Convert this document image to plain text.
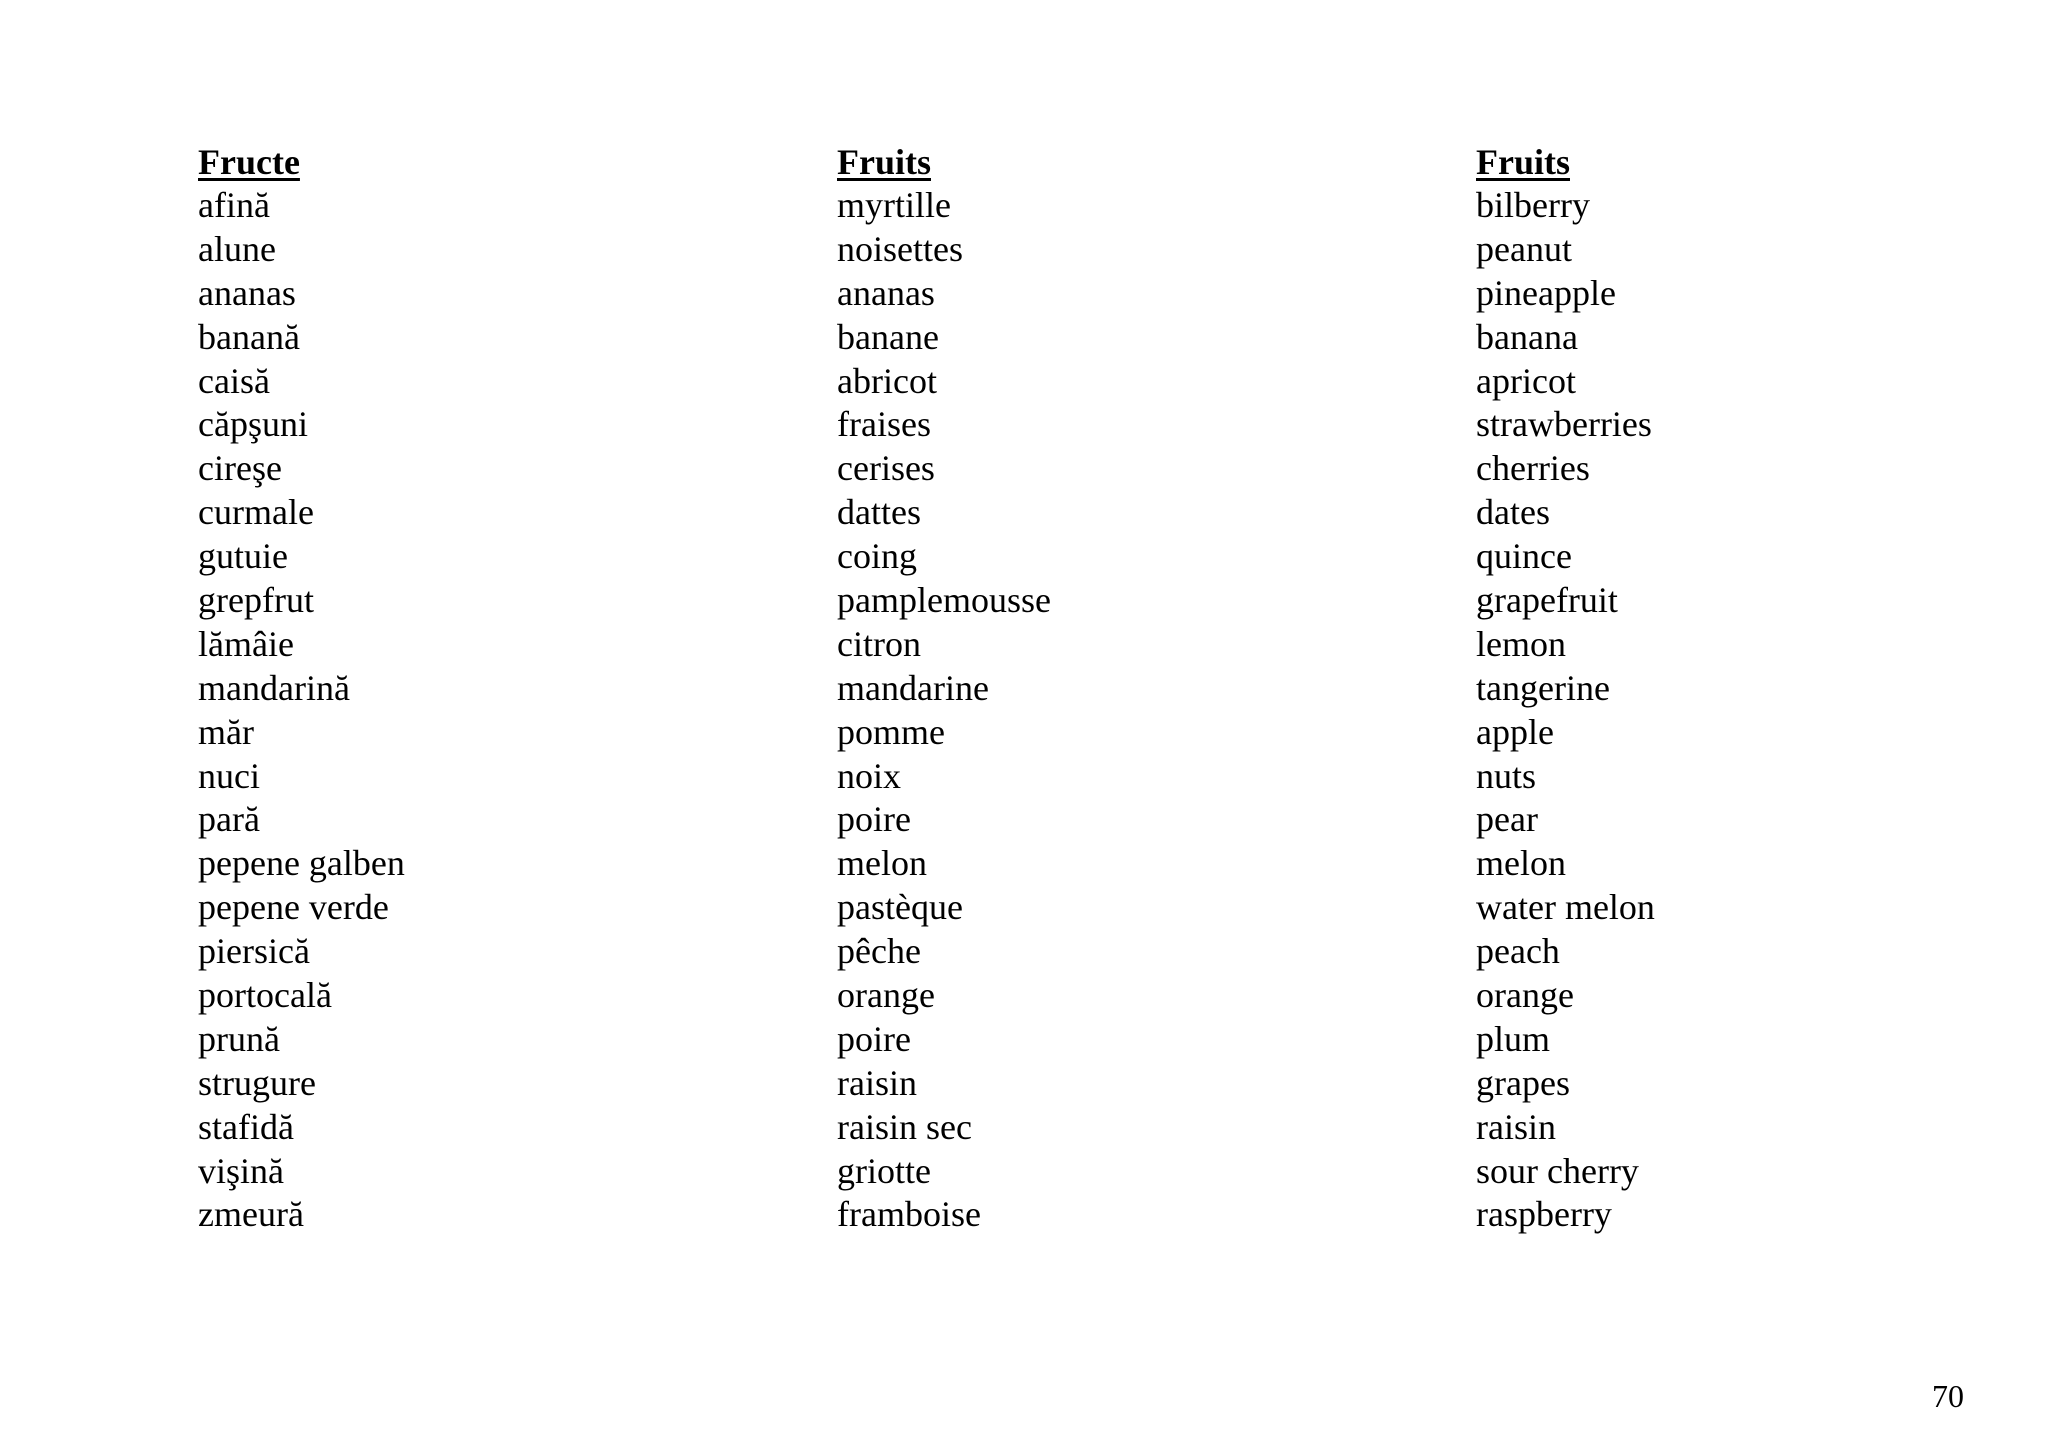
Fructe
afină
alune
ananas
banană
caisă
căpşuni
cireşe
curmale
gutuie
grepfrut
lămâie
mandarină
măr
nuci
pară
pepene galben
pepene verde
piersică
portocală
prună
strugure
stafidă
vişină
zmeură
Fruits
myrtille
noisettes
ananas
banane
abricot
fraises
cerises
dattes
coing
pamplemousse
citron
mandarine
pomme
noix
poire
melon
pastèque
pêche
orange
poire
raisin
raisin sec
griotte
framboise
Fruits
bilberry
peanut
pineapple
banana
apricot
strawberries
cherries
dates
quince
grapefruit
lemon
tangerine
apple
nuts
pear
melon
water melon
peach
orange
plum
grapes
raisin
sour cherry
raspberry
70
